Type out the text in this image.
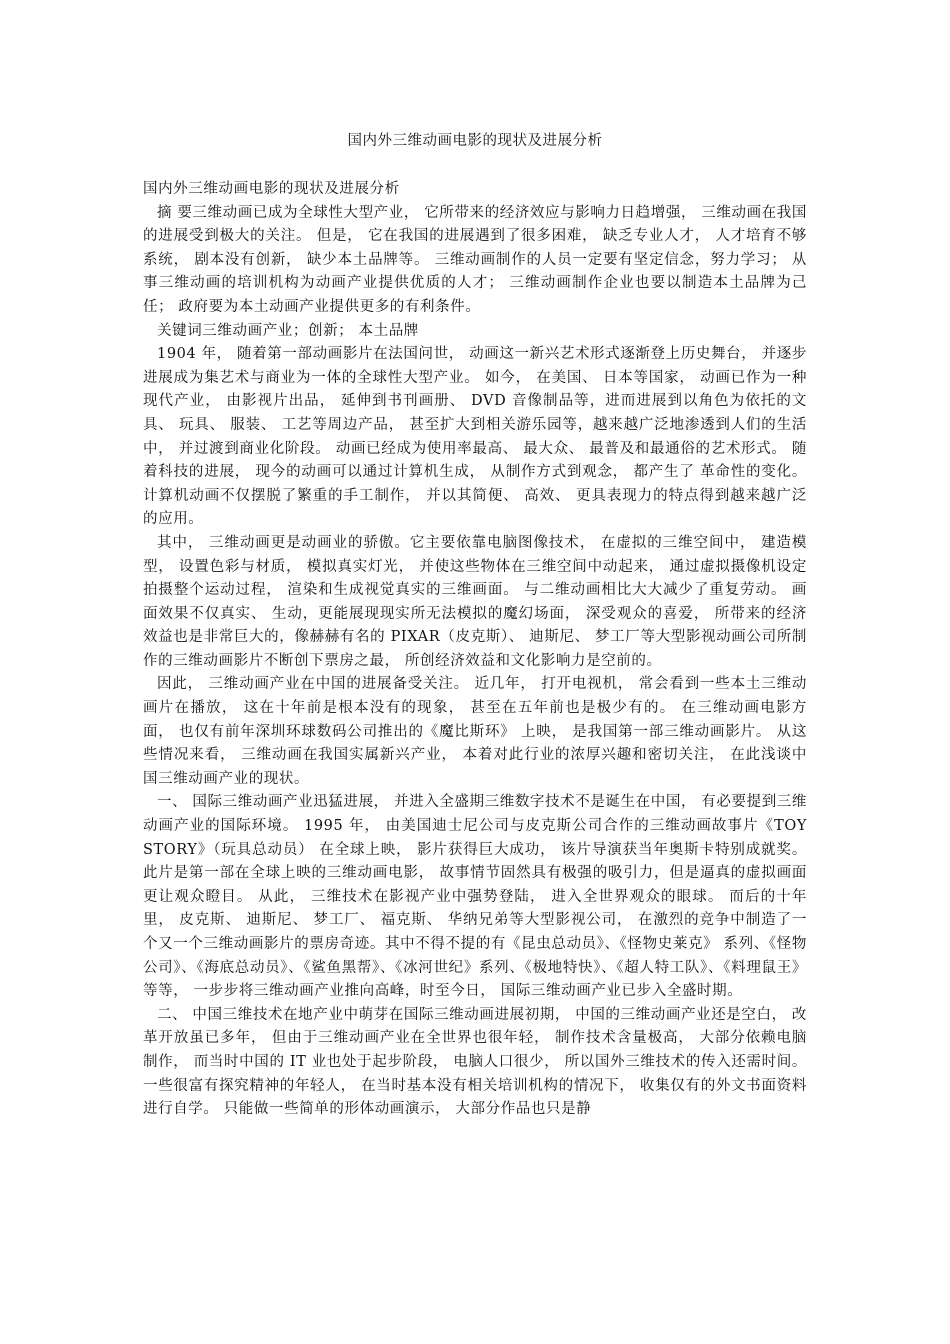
国内外三维动画电影的现状及进展分析

国内外三维动画电影的现状及进展分析

摘 要三维动画已成为全球性大型产业， 它所带来的经济效应与影响力日趋增强， 三维动画在我国的进展受到极大的关注。 但是， 它在我国的进展遇到了很多困难， 缺乏专业人才， 人才培育不够系统， 剧本没有创新， 缺少本土品牌等。 三维动画制作的人员一定要有坚定信念，努力学习； 从事三维动画的培训机构为动画产业提供优质的人才； 三维动画制作企业也要以制造本土品牌为己任； 政府要为本土动画产业提供更多的有利条件。

关键词三维动画产业；创新； 本土品牌

1904 年， 随着第一部动画影片在法国问世， 动画这一新兴艺术形式逐渐登上历史舞台， 并逐步进展成为集艺术与商业为一体的全球性大型产业。 如今， 在美国、 日本等国家， 动画已作为一种现代产业， 由影视片出品， 延伸到书刊画册、 DVD 音像制品等，进而进展到以角色为依托的文具、 玩具、 服装、 工艺等周边产品， 甚至扩大到相关游乐园等，越来越广泛地渗透到人们的生活中， 并过渡到商业化阶段。 动画已经成为使用率最高、 最大众、 最普及和最通俗的艺术形式。 随着科技的进展， 现今的动画可以通过计算机生成， 从制作方式到观念， 都产生了 革命性的变化。 计算机动画不仅摆脱了繁重的手工制作， 并以其简便、 高效、 更具表现力的特点得到越来越广泛的应用。

其中， 三维动画更是动画业的骄傲。它主要依靠电脑图像技术， 在虚拟的三维空间中， 建造模型， 设置色彩与材质， 模拟真实灯光， 并使这些物体在三维空间中动起来， 通过虚拟摄像机设定拍摄整个运动过程， 渲染和生成视觉真实的三维画面。 与二维动画相比大大减少了重复劳动。 画面效果不仅真实、 生动，更能展现现实所无法模拟的魔幻场面， 深受观众的喜爱， 所带来的经济效益也是非常巨大的，像赫赫有名的 PIXAR（皮克斯）、 迪斯尼、 梦工厂等大型影视动画公司所制作的三维动画影片不断创下票房之最， 所创经济效益和文化影响力是空前的。

因此， 三维动画产业在中国的进展备受关注。 近几年， 打开电视机， 常会看到一些本土三维动画片在播放， 这在十年前是根本没有的现象， 甚至在五年前也是极少有的。 在三维动画电影方面， 也仅有前年深圳环球数码公司推出的《魔比斯环》 上映， 是我国第一部三维动画影片。 从这些情况来看， 三维动画在我国实属新兴产业， 本着对此行业的浓厚兴趣和密切关注， 在此浅谈中国三维动画产业的现状。

一、 国际三维动画产业迅猛进展， 并进入全盛期三维数字技术不是诞生在中国， 有必要提到三维动画产业的国际环境。 1995 年， 由美国迪士尼公司与皮克斯公司合作的三维动画故事片《TOY STORY》（玩具总动员） 在全球上映， 影片获得巨大成功， 该片导演获当年奥斯卡特别成就奖。 此片是第一部在全球上映的三维动画电影， 故事情节固然具有极强的吸引力，但是逼真的虚拟画面更让观众瞪目。 从此， 三维技术在影视产业中强势登陆， 进入全世界观众的眼球。 而后的十年里， 皮克斯、 迪斯尼、 梦工厂、 福克斯、 华纳兄弟等大型影视公司， 在激烈的竞争中制造了一个又一个三维动画影片的票房奇迹。其中不得不提的有《昆虫总动员》、《怪物史莱克》 系列、《怪物公司》、《海底总动员》、《鲨鱼黑帮》、《冰河世纪》系列、《极地特快》、《超人特工队》、《料理鼠王》 等等， 一步步将三维动画产业推向高峰，时至今日， 国际三维动画产业已步入全盛时期。

二、 中国三维技术在地产业中萌芽在国际三维动画进展初期， 中国的三维动画产业还是空白， 改革开放虽已多年， 但由于三维动画产业在全世界也很年轻， 制作技术含量极高， 大部分依赖电脑制作， 而当时中国的 IT 业也处于起步阶段， 电脑人口很少， 所以国外三维技术的传入还需时间。 一些很富有探究精神的年轻人， 在当时基本没有相关培训机构的情况下， 收集仅有的外文书面资料进行自学。 只能做一些简单的形体动画演示， 大部分作品也只是静
